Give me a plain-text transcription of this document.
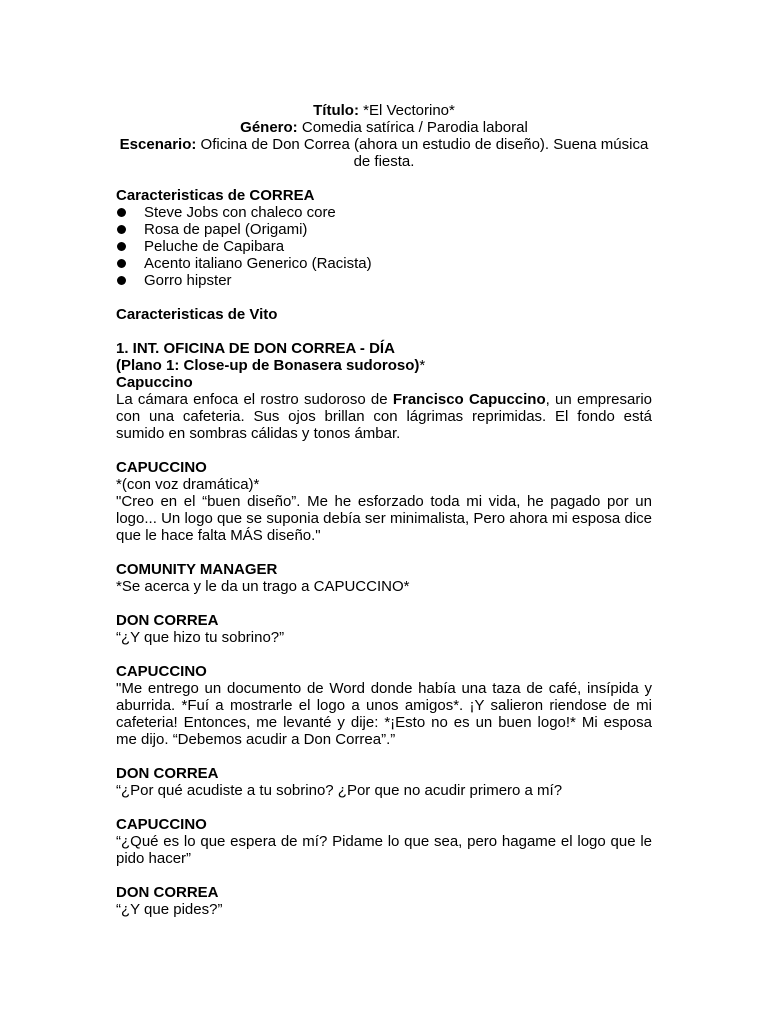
Título: *El Vectorino*
Género: Comedia satírica / Parodia laboral
Escenario: Oficina de Don Correa (ahora un estudio de diseño). Suena música de fiesta.
Caracteristicas de CORREA
Steve Jobs con chaleco core
Rosa de papel (Origami)
Peluche de Capibara
Acento italiano Generico (Racista)
Gorro hipster
Caracteristicas de Vito
1. INT. OFICINA DE DON CORREA - DÍA
(Plano 1: Close-up de Bonasera sudoroso)*
Capuccino

La cámara enfoca el rostro sudoroso de Francisco Capuccino, un empresario con una cafeteria. Sus ojos brillan con lágrimas reprimidas. El fondo está sumido en sombras cálidas y tonos ámbar.

CAPUCCINO
*(con voz dramática)*

"Creo en el “buen diseño”. Me he esforzado toda mi vida, he pagado por un logo... Un logo que se suponia debía ser minimalista, Pero ahora mi esposa dice que le hace falta MÁS diseño."

COMUNITY MANAGER
*Se acerca y le da un trago a CAPUCCINO*
DON CORREA
“¿Y que hizo tu sobrino?”
CAPUCCINO

"Me entrego un documento de Word donde había una taza de café, insípida y aburrida. *Fuí a mostrarle el logo a unos amigos*. ¡Y salieron riendose de mi cafeteria! Entonces, me levanté y dije: *¡Esto no es un buen logo!* Mi esposa me dijo. “Debemos acudir a Don Correa”.”

DON CORREA
“¿Por qué acudiste a tu sobrino? ¿Por que no acudir primero a mí?
CAPUCCINO

“¿Qué es lo que espera de mí? Pidame lo que sea, pero hagame el logo que le pido hacer”

DON CORREA
“¿Y que pides?”
